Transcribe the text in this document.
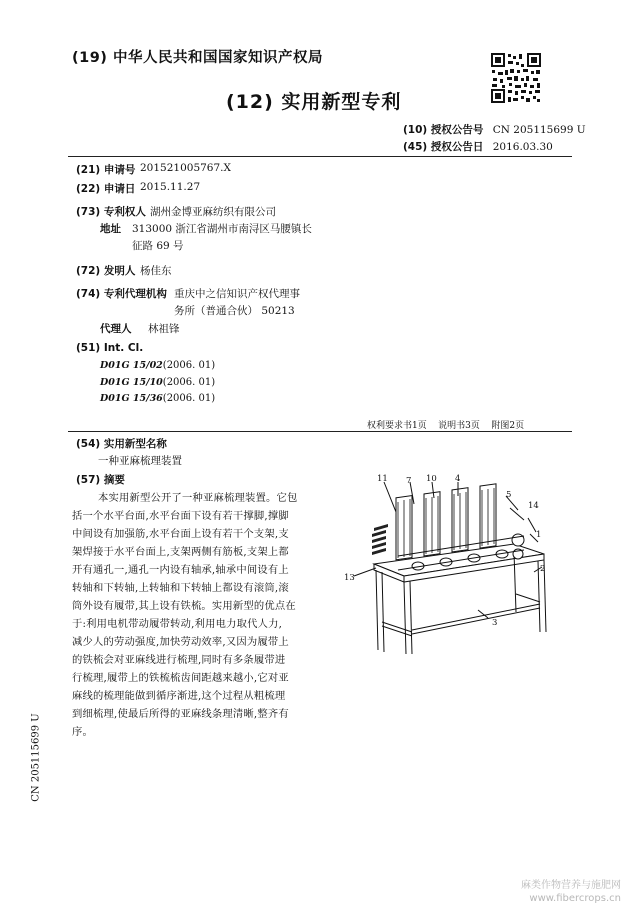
(19) 中华人民共和国国家知识产权局
(12) 实用新型专利
(10) 授权公告号 CN 205115699 U
(45) 授权公告日 2016.03.30
(21) 申请号 201521005767.X
(22) 申请日 2015.11.27
(73) 专利权人 湖州金博亚麻纺织有限公司
地址 313000 浙江省湖州市南浔区马腰镇长
征路 69 号
(72) 发明人 杨佳东
(74) 专利代理机构 重庆中之信知识产权代理事
务所（普通合伙） 50213
代理人 林祖锋
(51) Int. Cl.
D01G 15/02(2006. 01)
D01G 15/10(2006. 01)
D01G 15/36(2006. 01)
权利要求书1页    说明书3页    附图2页
(54) 实用新型名称
一种亚麻梳理装置
(57) 摘要
本实用新型公开了一种亚麻梳理装置。它包
括一个水平台面,水平台面下设有若干撑脚,撑脚
中间设有加强筋,水平台面上设有若干个支架,支
架焊接于水平台面上,支架两侧有筋板,支架上都
开有通孔一,通孔一内设有轴承,轴承中间设有上
转轴和下转轴,上转轴和下转轴上都设有滚筒,滚
筒外设有履带,其上设有铁梳。实用新型的优点在
于:利用电机带动履带转动,利用电力取代人力,
减少人的劳动强度,加快劳动效率,又因为履带上
的铁梳会对亚麻线进行梳理,同时有多条履带进
行梳理,履带上的铁梳梳齿间距越来越小,它对亚
麻线的梳理能做到循序渐进,这个过程从粗梳理
到细梳理,使最后所得的亚麻线条理清晰,整齐有
序。
11 7 10 4
5
14
1
13
2
3
CN 205115699 U
麻类作物营养与施肥网
www.fibercrops.cn
